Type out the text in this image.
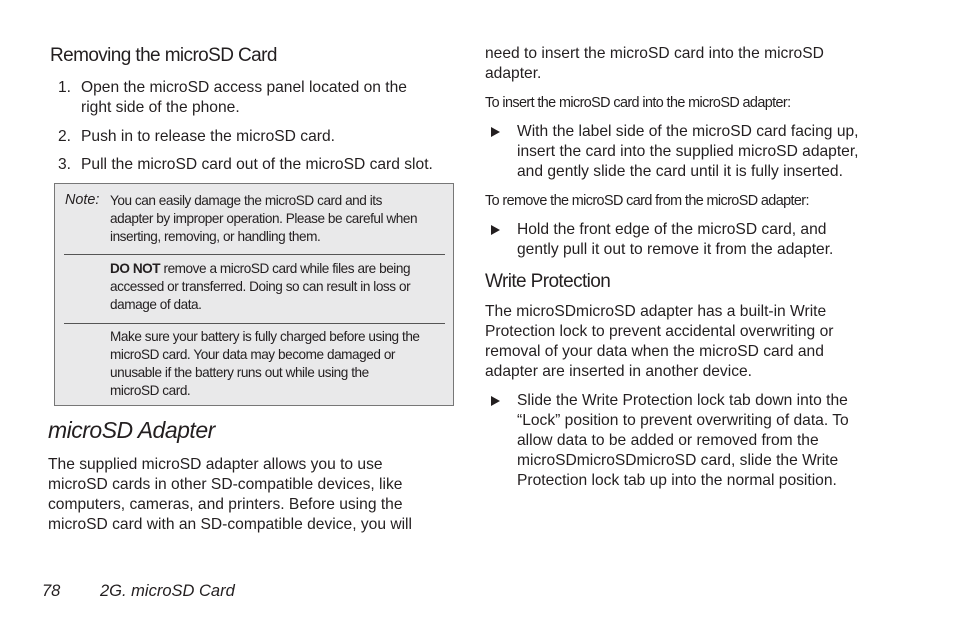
Removing the microSD Card
1. Open the microSD access panel located on the
right side of the phone.
2. Push in to release the microSD card.
3. Pull the microSD card out of the microSD card slot.
Note: You can easily damage the microSD card and its
adapter by improper operation. Please be careful when
inserting, removing, or handling them.
DO NOT remove a microSD card while files are being
accessed or transferred. Doing so can result in loss or
damage of data.
Make sure your battery is fully charged before using the
microSD card. Your data may become damaged or
unusable if the battery runs out while using the
microSD card.
microSD Adapter
The supplied microSD adapter allows you to use
microSD cards in other SD-compatible devices, like
computers, cameras, and printers. Before using the
microSD card with an SD-compatible device, you will
need to insert the microSD card into the microSD
adapter.
To insert the microSD card into the microSD adapter:
With the label side of the microSD card facing up,
insert the card into the supplied microSD adapter,
and gently slide the card until it is fully inserted.
To remove the microSD card from the microSD adapter:
Hold the front edge of the microSD card, and
gently pull it out to remove it from the adapter.
Write Protection
The microSDmicroSD adapter has a built-in Write
Protection lock to prevent accidental overwriting or
removal of your data when the microSD card and
adapter are inserted in another device.
Slide the Write Protection lock tab down into the
“Lock” position to prevent overwriting of data. To
allow data to be added or removed from the
microSDmicroSDmicroSD card, slide the Write
Protection lock tab up into the normal position.
78 2G. microSD Card
